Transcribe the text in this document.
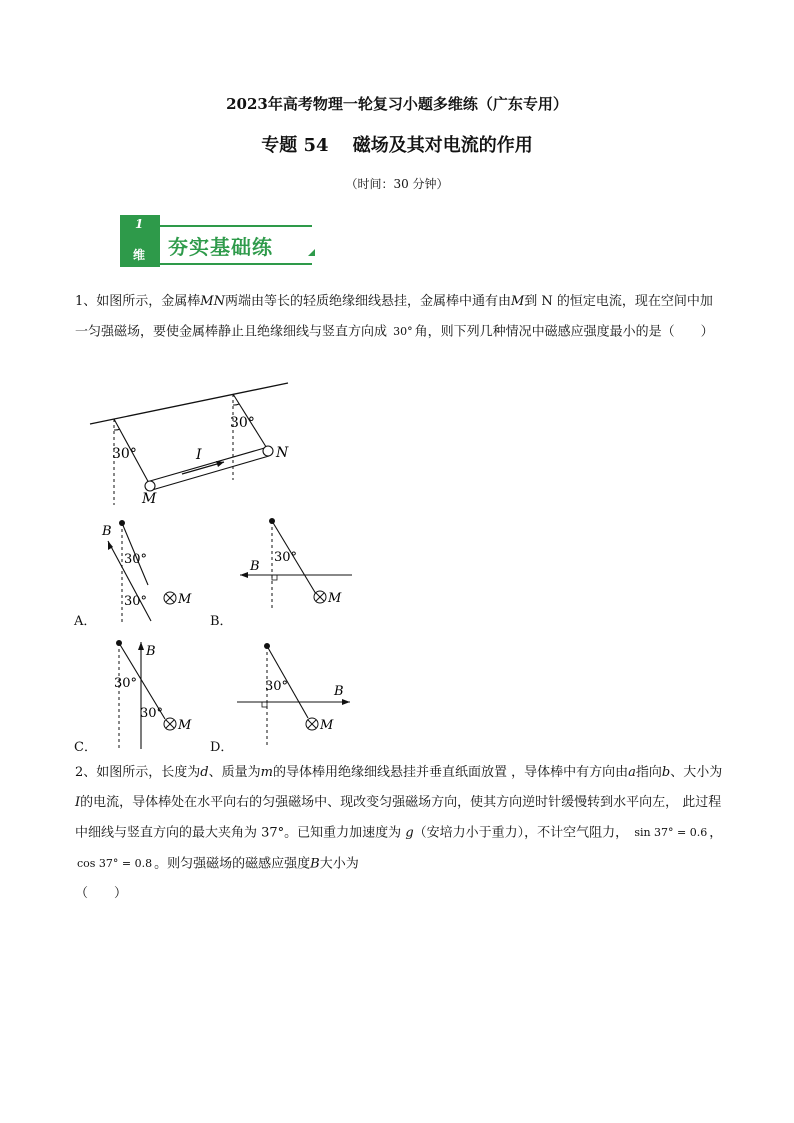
2023年高考物理一轮复习小题多维练（广东专用）
专题 54　 磁场及其对电流的作用
（时间：30 分钟）
1
维 夯实基础练
1、如图所示，金属棒MN两端由等长的轻质绝缘细线悬挂，金属棒中通有由M到 N 的恒定电流，现在空间中加一匀强磁场，要使金属棒静止且绝缘细线与竖直方向成 30° 角，则下列几种情况中磁感应强度最小的是（　　）
30°
30°
I
M
N
B
30°
30° M
A．
B
30°
M
B．
B
30°
30°
M
C．
B
30°
M
D．
2、如图所示，长度为d、质量为m的导体棒用绝缘细线悬挂并垂直纸面放置 ，导体棒中有方向由a指向b、大小为I的电流，导体棒处在水平向右的匀强磁场中、现改变匀强磁场方向，使其方向逆时针缓慢转到水平向左， 此过程中细线与竖直方向的最大夹角为 37°。已知重力加速度为 g（安培力小于重力），不计空气阻力， sin 37° = 0.6 ， cos 37° = 0.8 。则匀强磁场的磁感应强度B大小为
（　　）
